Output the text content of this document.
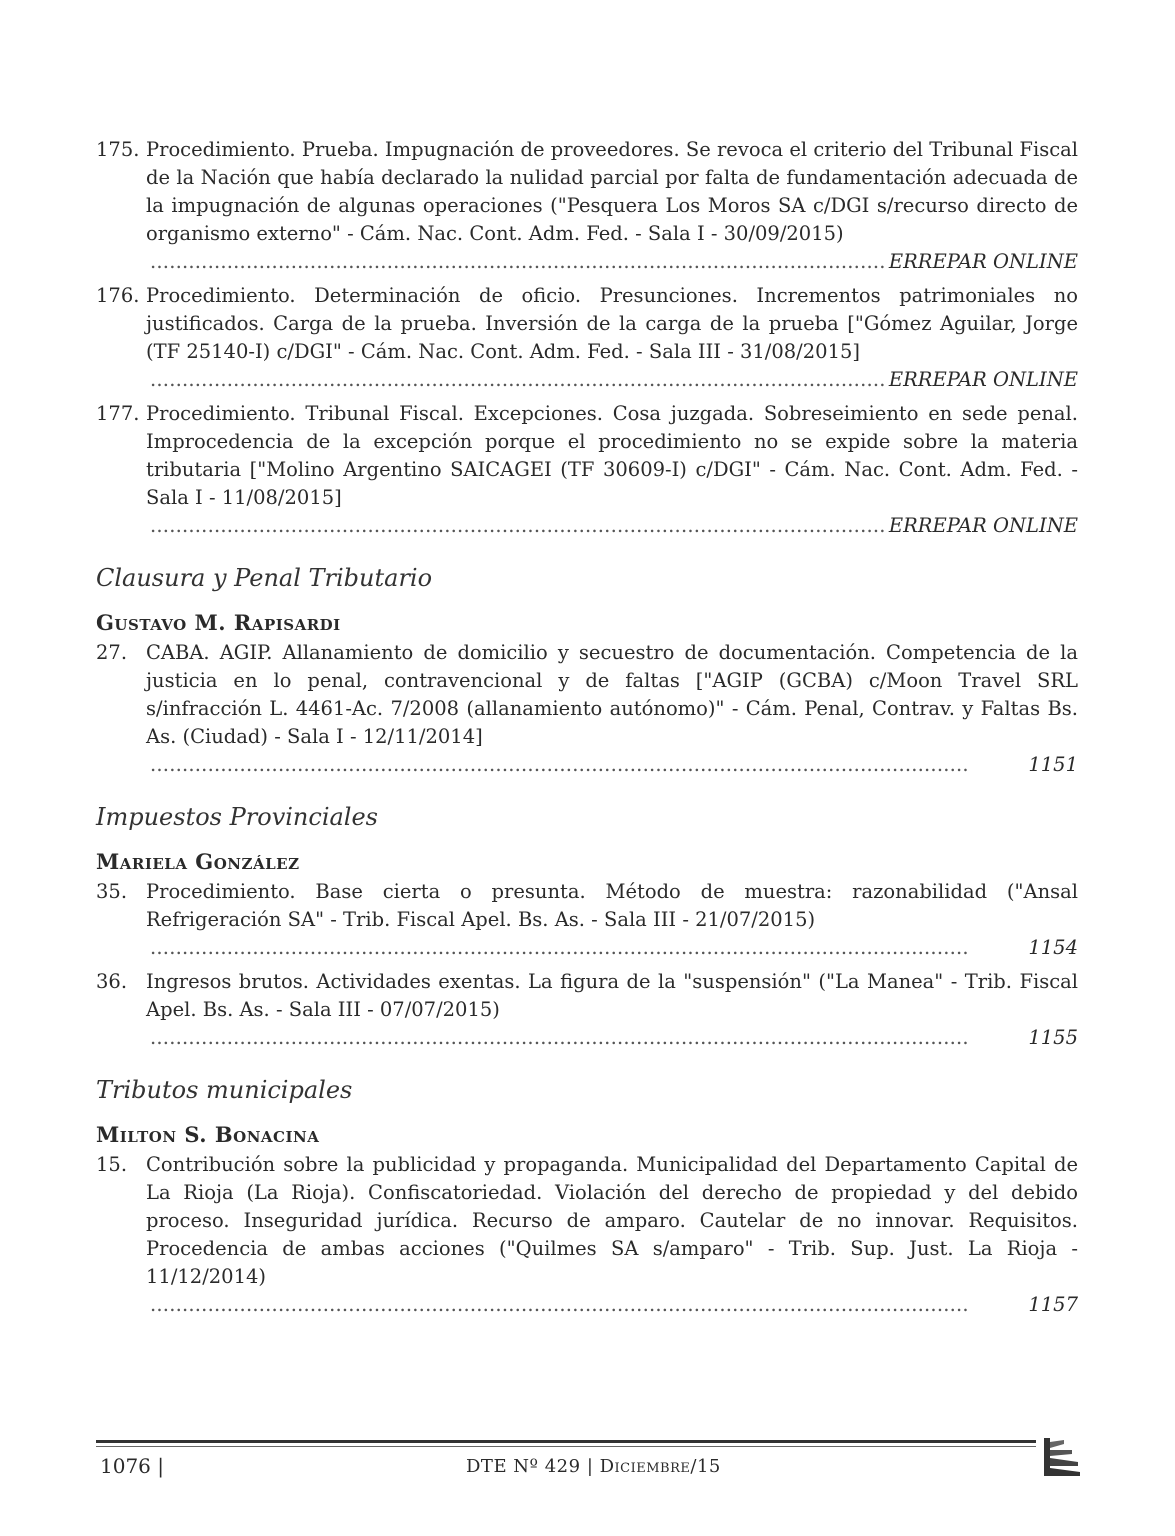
175. Procedimiento. Prueba. Impugnación de proveedores. Se revoca el criterio del Tribunal Fiscal de la Nación que había declarado la nulidad parcial por falta de fundamentación adecuada de la impugnación de algunas operaciones ("Pesquera Los Moros SA c/DGI s/recurso directo de organismo externo" - Cám. Nac. Cont. Adm. Fed. - Sala I - 30/09/2015)
. . .
ERREPAR ONLINE
176. Procedimiento. Determinación de oficio. Presunciones. Incrementos patrimoniales no justificados. Carga de la prueba. Inversión de la carga de la prueba ["Gómez Aguilar, Jorge (TF 25140-I) c/DGI" - Cám. Nac. Cont. Adm. Fed. - Sala III - 31/08/2015]
. . .
ERREPAR ONLINE
177. Procedimiento. Tribunal Fiscal. Excepciones. Cosa juzgada. Sobreseimiento en sede penal. Improcedencia de la excepción porque el procedimiento no se expide sobre la materia tributaria ["Molino Argentino SAICAGEI (TF 30609-I) c/DGI" - Cám. Nac. Cont. Adm. Fed. - Sala I - 11/08/2015]
. . .
ERREPAR ONLINE
Clausura y Penal Tributario
Gustavo M. Rapisardi
27. CABA. AGIP. Allanamiento de domicilio y secuestro de documentación. Competencia de la justicia en lo penal, contravencional y de faltas ["AGIP (GCBA) c/Moon Travel SRL s/infracción L. 4461-Ac. 7/2008 (allanamiento autónomo)" - Cám. Penal, Contrav. y Faltas Bs. As. (Ciudad) - Sala I - 12/11/2014]
. . .
1151
Impuestos Provinciales
Mariela González
35. Procedimiento. Base cierta o presunta. Método de muestra: razonabilidad ("Ansal Refrigeración SA" - Trib. Fiscal Apel. Bs. As. - Sala III - 21/07/2015)
. . .
1154
36. Ingresos brutos. Actividades exentas. La figura de la "suspensión" ("La Manea" - Trib. Fiscal Apel. Bs. As. - Sala III - 07/07/2015)
. . .
1155
Tributos municipales
Milton S. Bonacina
15. Contribución sobre la publicidad y propaganda. Municipalidad del Departamento Capital de La Rioja (La Rioja). Confiscatoriedad. Violación del derecho de propiedad y del debido proceso. Inseguridad jurídica. Recurso de amparo. Cautelar de no innovar. Requisitos. Procedencia de ambas acciones ("Quilmes SA s/amparo" - Trib. Sup. Just. La Rioja - 11/12/2014)
. . .
1157
1076 |	DTE Nº 429 | Diciembre/15
